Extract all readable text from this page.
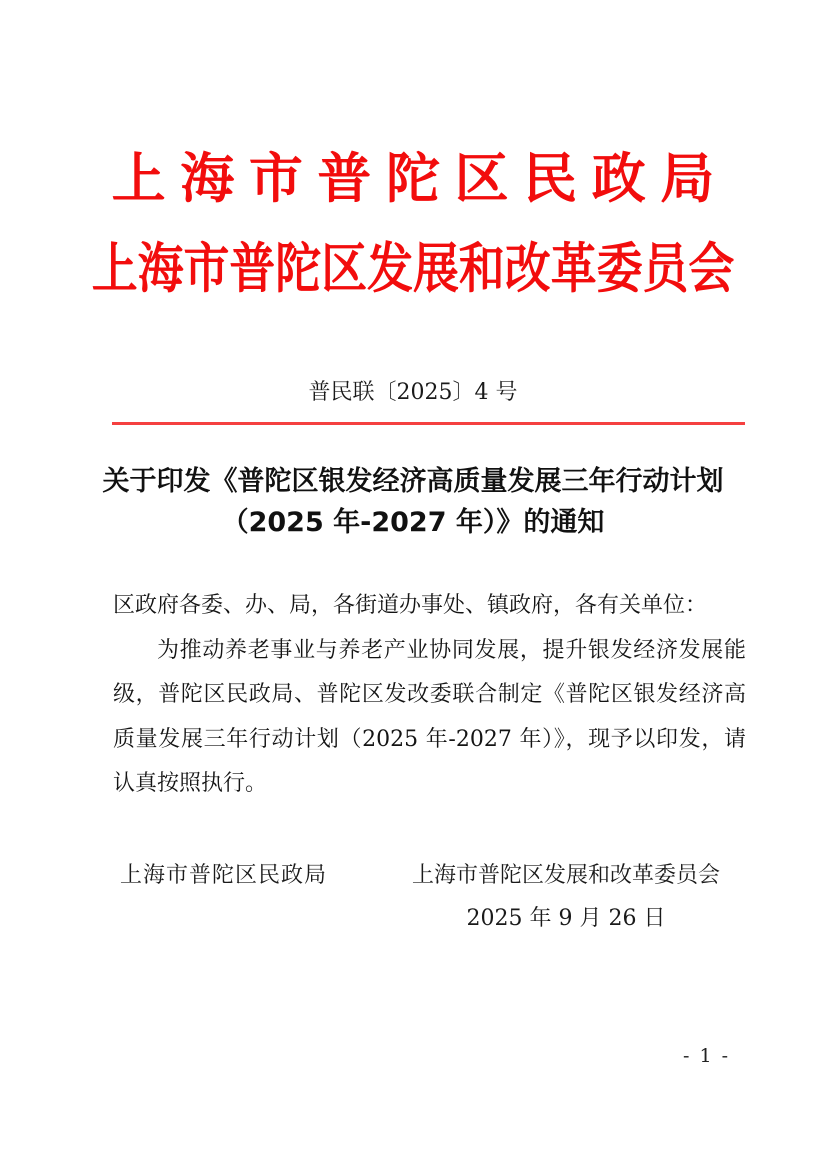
上海市普陀区民政局
上海市普陀区发展和改革委员会
普民联〔2025〕4 号
关于印发《普陀区银发经济高质量发展三年行动计划
（2025 年-2027 年）》的通知
区政府各委、办、局，各街道办事处、镇政府，各有关单位：
为推动养老事业与养老产业协同发展，提升银发经济发展能级，普陀区民政局、普陀区发改委联合制定《普陀区银发经济高质量发展三年行动计划（2025 年-2027 年）》，现予以印发，请认真按照执行。
上海市普陀区民政局	上海市普陀区发展和改革委员会
2025 年 9 月 26 日
- 1 -
